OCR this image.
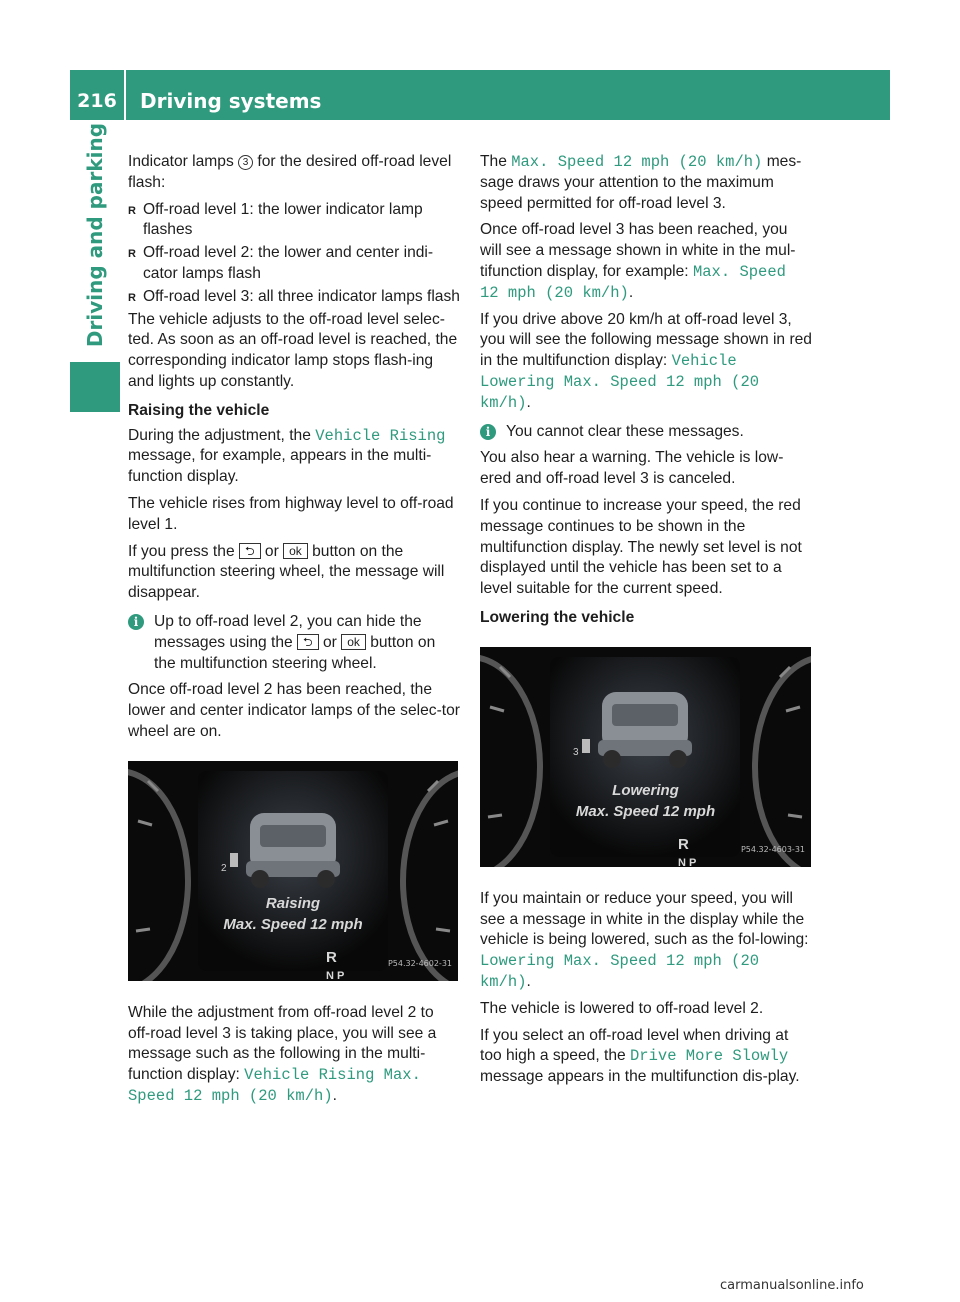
216	Driving systems
Driving and parking Indicator lamps 3 for the desired off-road level flash:

R Off-road level 1: the lower indicator lamp flashes
R Off-road level 2: the lower and center indi-cator lamps flash
R Off-road level 3: all three indicator lamps flash

The vehicle adjusts to the off-road level selec-ted. As soon as an off-road level is reached, the corresponding indicator lamp stops flash-ing and lights up constantly.

Raising the vehicle

During the adjustment, the Vehicle Rising message, for example, appears in the multi-function display.

The vehicle rises from highway level to off-road level 1.

If you press the ⮌ or ok button on the multifunction steering wheel, the message will disappear.

i	Up to off-road level 2, you can hide the messages using the ⮌ or ok button on the multifunction steering wheel.

Once off-road level 2 has been reached, the lower and center indicator lamps of the selec-tor wheel are on.

2
Raising
Max. Speed 12 mph
R
N P
P54.32-4602-31

While the adjustment from off-road level 2 to off-road level 3 is taking place, you will see a message such as the following in the multi-function display: Vehicle Rising Max. Speed 12 mph (20 km/h).

The Max. Speed 12 mph (20 km/h) mes-sage draws your attention to the maximum speed permitted for off-road level 3.

Once off-road level 3 has been reached, you will see a message shown in white in the mul-tifunction display, for example: Max. Speed 12 mph (20 km/h).

If you drive above 20 km/h at off-road level 3, you will see the following message shown in red in the multifunction display: Vehicle Lowering Max. Speed 12 mph (20 km/h).

i	You cannot clear these messages.

You also hear a warning. The vehicle is low-ered and off-road level 3 is canceled.

If you continue to increase your speed, the red message continues to be shown in the multifunction display. The newly set level is not displayed until the vehicle has been set to a level suitable for the current speed.

Lowering the vehicle
3
Lowering
Max. Speed 12 mph
R
N P
P54.32-4603-31

If you maintain or reduce your speed, you will see a message in white in the display while the vehicle is being lowered, such as the fol-lowing: Lowering Max. Speed 12 mph (20 km/h).

The vehicle is lowered to off-road level 2.

If you select an off-road level when driving at too high a speed, the Drive More Slowly message appears in the multifunction dis-play.

carmanualsonline.info
